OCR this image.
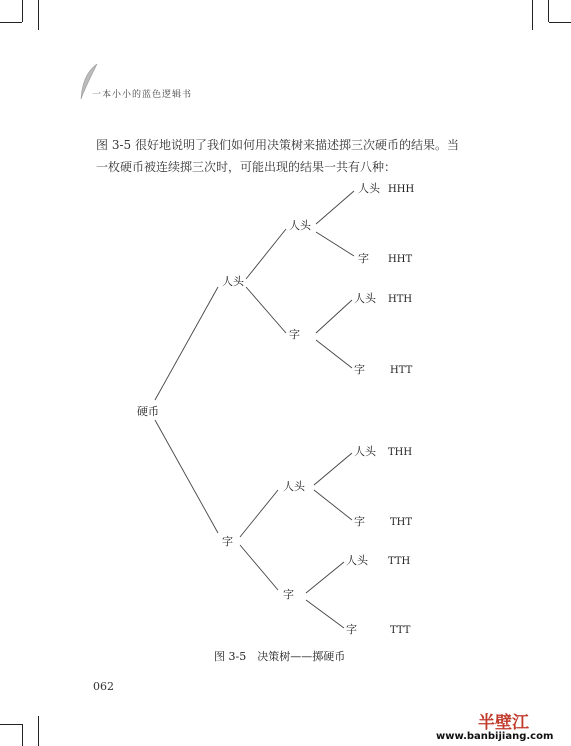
一本小小的蓝色逻辑书
图 3-5 很好地说明了我们如何用决策树来描述掷三次硬币的结果。当
一枚硬币被连续掷三次时，可能出现的结果一共有八种：
硬币
人头
字
人头
字
人头
字
人头
字
人头
字
人头
字
人头
字
HHH
HHT
HTH
HTT
THH
THT
TTH
TTT
图 3-5　决策树——掷硬币
062
半壁江
www.banbijiang.com
